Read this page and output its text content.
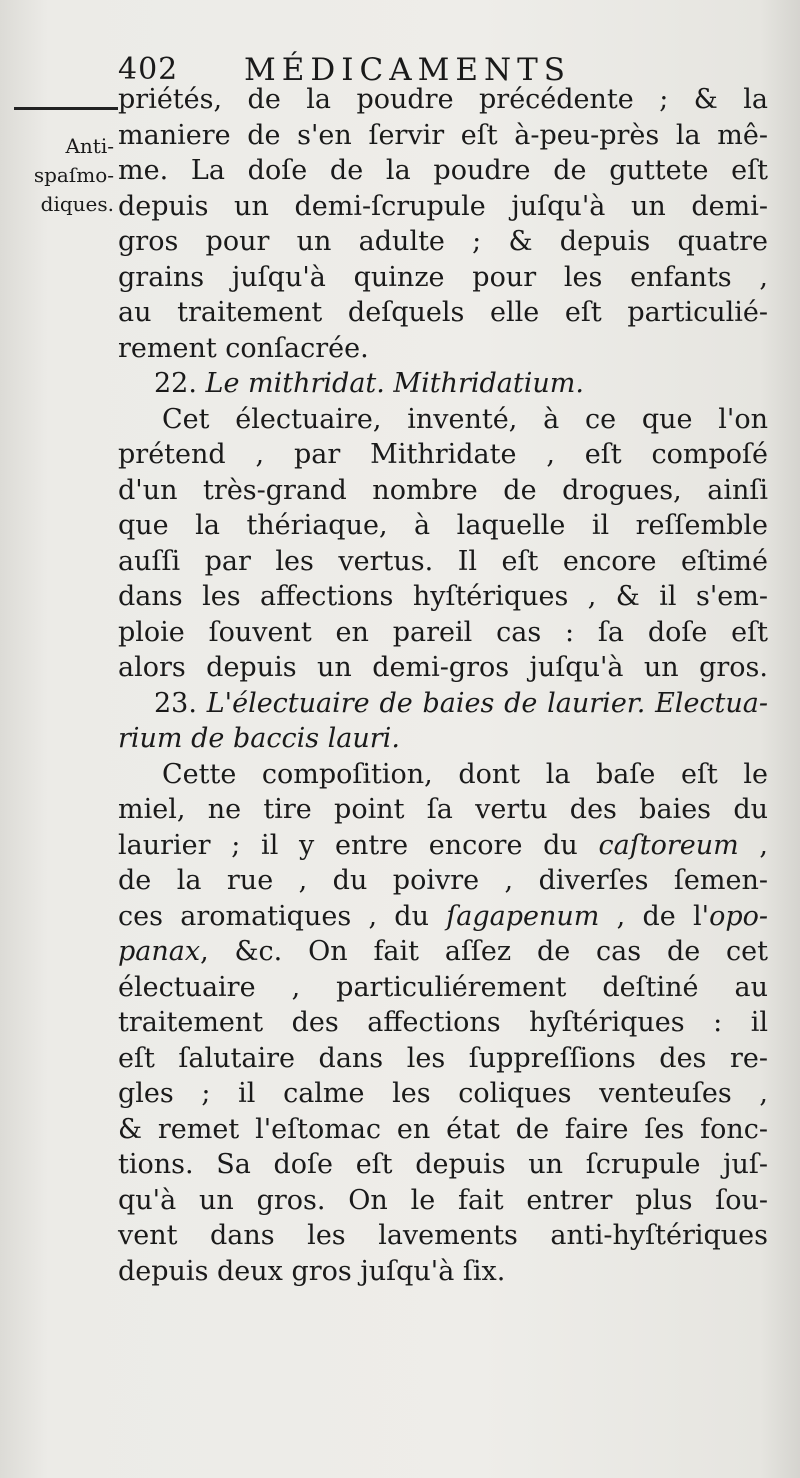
402 MÉDICAMENTS
Anti-
spaſmo-
diques.
priétés, de la poudre précédente ; & la
maniere de s'en ſervir eſt à-peu-près la mê-
me. La doſe de la poudre de guttete eſt
depuis un demi-ſcrupule juſqu'à un demi-
gros pour un adulte ; & depuis quatre
grains juſqu'à quinze pour les enfants ,
au traitement deſquels elle eſt particulié-
rement conſacrée.
22. Le mithridat. Mithridatium.
Cet électuaire, inventé, à ce que l'on
prétend , par Mithridate , eſt compoſé
d'un très-grand nombre de drogues, ainſi
que la thériaque, à laquelle il reſſemble
auſſi par les vertus. Il eſt encore eſtimé
dans les affections hyſtériques , & il s'em-
ploie ſouvent en pareil cas : ſa doſe eſt
alors depuis un demi-gros juſqu'à un gros.
23. L'électuaire de baies de laurier. Electua-
rium de baccis lauri.
Cette compoſition, dont la baſe eſt le
miel, ne tire point ſa vertu des baies du
laurier ; il y entre encore du caſtoreum ,
de la rue , du poivre , diverſes ſemen-
ces aromatiques , du ſagapenum , de l'opo-
panax, &c. On fait aſſez de cas de cet
électuaire , particuliérement deſtiné au
traitement des affections hyſtériques : il
eſt ſalutaire dans les ſuppreſſions des re-
gles ; il calme les coliques venteuſes ,
& remet l'eſtomac en état de faire ſes fonc-
tions. Sa doſe eſt depuis un ſcrupule juſ-
qu'à un gros. On le fait entrer plus ſou-
vent dans les lavements anti-hyſtériques
depuis deux gros juſqu'à ſix.
